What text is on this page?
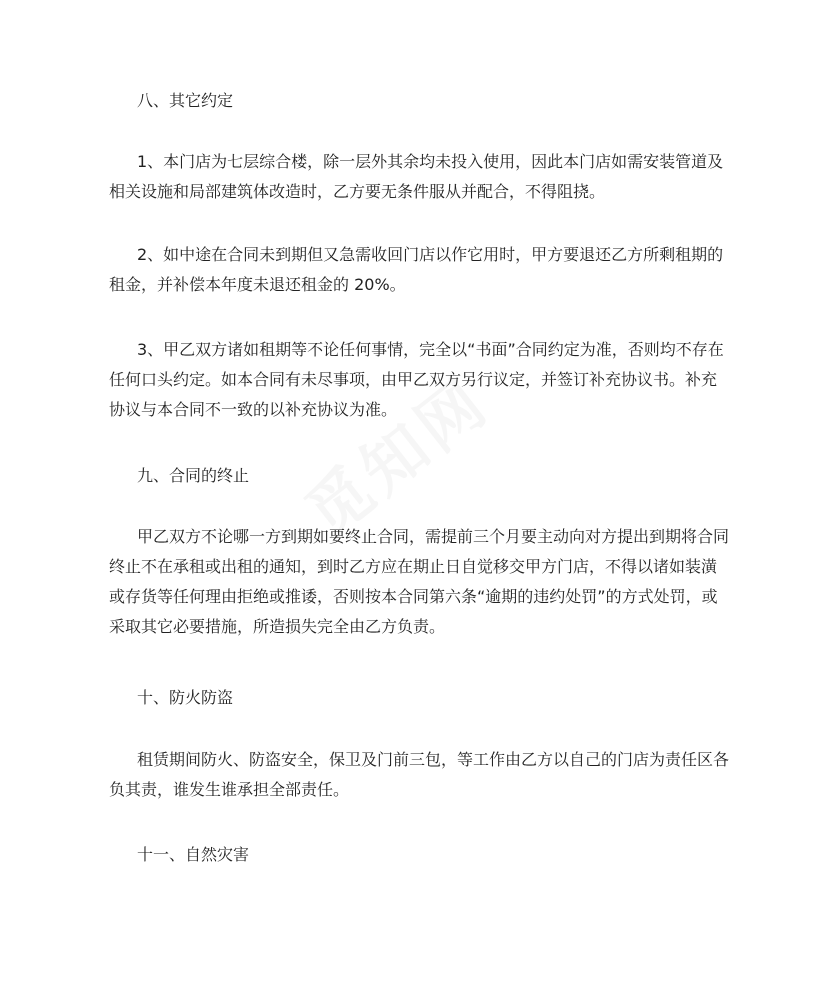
八、其它约定

1、本门店为七层综合楼，除一层外其余均未投入使用，因此本门店如需安装管道及相关设施和局部建筑体改造时，乙方要无条件服从并配合，不得阻挠。

2、如中途在合同未到期但又急需收回门店以作它用时，甲方要退还乙方所剩租期的租金，并补偿本年度未退还租金的 20%。

3、甲乙双方诸如租期等不论任何事情，完全以“书面”合同约定为准，否则均不存在任何口头约定。如本合同有未尽事项，由甲乙双方另行议定，并签订补充协议书。补充协议与本合同不一致的以补充协议为准。

九、合同的终止

甲乙双方不论哪一方到期如要终止合同，需提前三个月要主动向对方提出到期将合同终止不在承租或出租的通知，到时乙方应在期止日自觉移交甲方门店，不得以诸如装潢或存货等任何理由拒绝或推诿，否则按本合同第六条“逾期的违约处罚”的方式处罚，或采取其它必要措施，所造损失完全由乙方负责。

十、防火防盗

租赁期间防火、防盗安全，保卫及门前三包，等工作由乙方以自己的门店为责任区各负其责，谁发生谁承担全部责任。

十一、自然灾害
